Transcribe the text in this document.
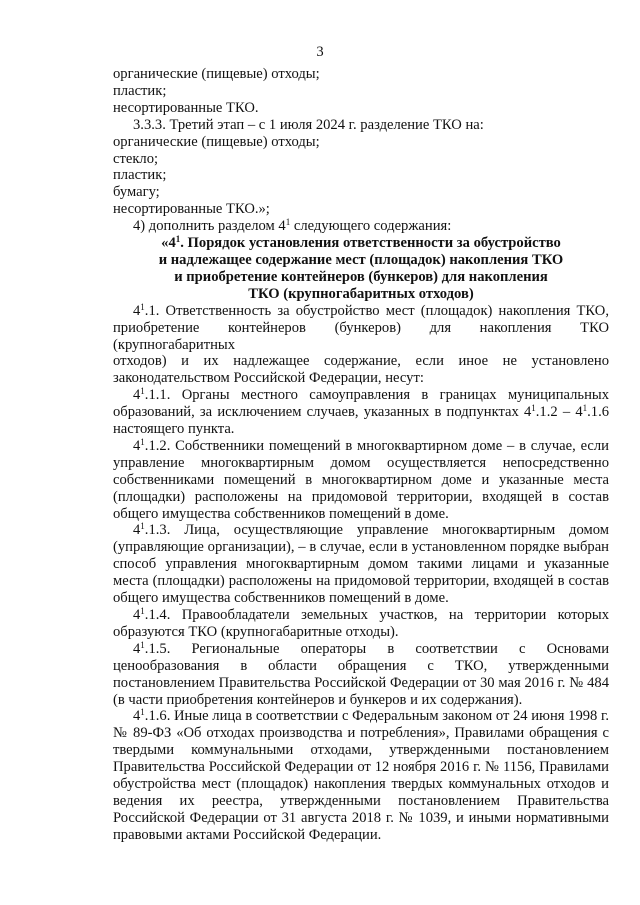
3

органические (пищевые) отходы;

пластик;

несортированные ТКО.

3.3.3. Третий этап – с 1 июля 2024 г. разделение ТКО на:

органические (пищевые) отходы;

стекло;

пластик;

бумагу;

несортированные ТКО.»;

4) дополнить разделом $4^1$ следующего содержания:

«$4^1$. Порядок установления ответственности за обустройство

и надлежащее содержание мест (площадок) накопления ТКО

и приобретение контейнеров (бункеров) для накопления

ТКО (крупногабаритных отходов)

$4^1.1$. Ответственность за обустройство мест (площадок) накопления ТКО,

приобретение контейнеров (бункеров) для накопления ТКО (крупногабаритных

отходов) и их надлежащее содержание, если иное не установлено

законодательством Российской Федерации, несут:

$4^1.1.1$. Органы местного самоуправления в границах муниципальных образований, за исключением случаев, указанных в подпунктах $4^1.1.2 - 4^1.1.6$ настоящего пункта.

$4^1.1.2$. Собственники помещений в многоквартирном доме – в случае, если управление многоквартирным домом осуществляется непосредственно собственниками помещений в многоквартирном доме и указанные места (площадки) расположены на придомовой территории, входящей в состав общего имущества собственников помещений в доме.

$4^1.1.3$. Лица, осуществляющие управление многоквартирным домом (управляющие организации), – в случае, если в установленном порядке выбран способ управления многоквартирным домом такими лицами и указанные места (площадки) расположены на придомовой территории, входящей в состав общего имущества собственников помещений в доме.

$4^1.1.4$. Правообладатели земельных участков, на территории которых образуются ТКО (крупногабаритные отходы).

$4^1.1.5$. Региональные операторы в соответствии с Основами ценообразования в области обращения с ТКО, утвержденными постановлением Правительства Российской Федерации от 30 мая 2016 г. № 484 (в части приобретения контейнеров и бункеров и их содержания).

$4^1.1.6$. Иные лица в соответствии с Федеральным законом от 24 июня 1998 г. № 89-ФЗ «Об отходах производства и потребления», Правилами обращения с твердыми коммунальными отходами, утвержденными постановлением Правительства Российской Федерации от 12 ноября 2016 г. № 1156, Правилами обустройства мест (площадок) накопления твердых коммунальных отходов и ведения их реестра, утвержденными постановлением Правительства Российской Федерации от 31 августа 2018 г. № 1039, и иными нормативными правовыми актами Российской Федерации.
